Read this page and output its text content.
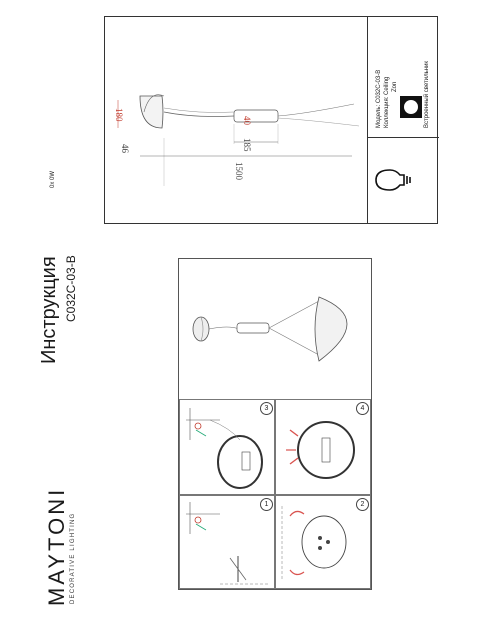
MAYTONI DECORATIVE LIGHTING
Инструкция C032C-03-B
180
46
40
185
1500
Модель: C032C-03-B
Коллекция: Ceiling Zon	Встроенный светильник
0x 0W
3	4
1	2
